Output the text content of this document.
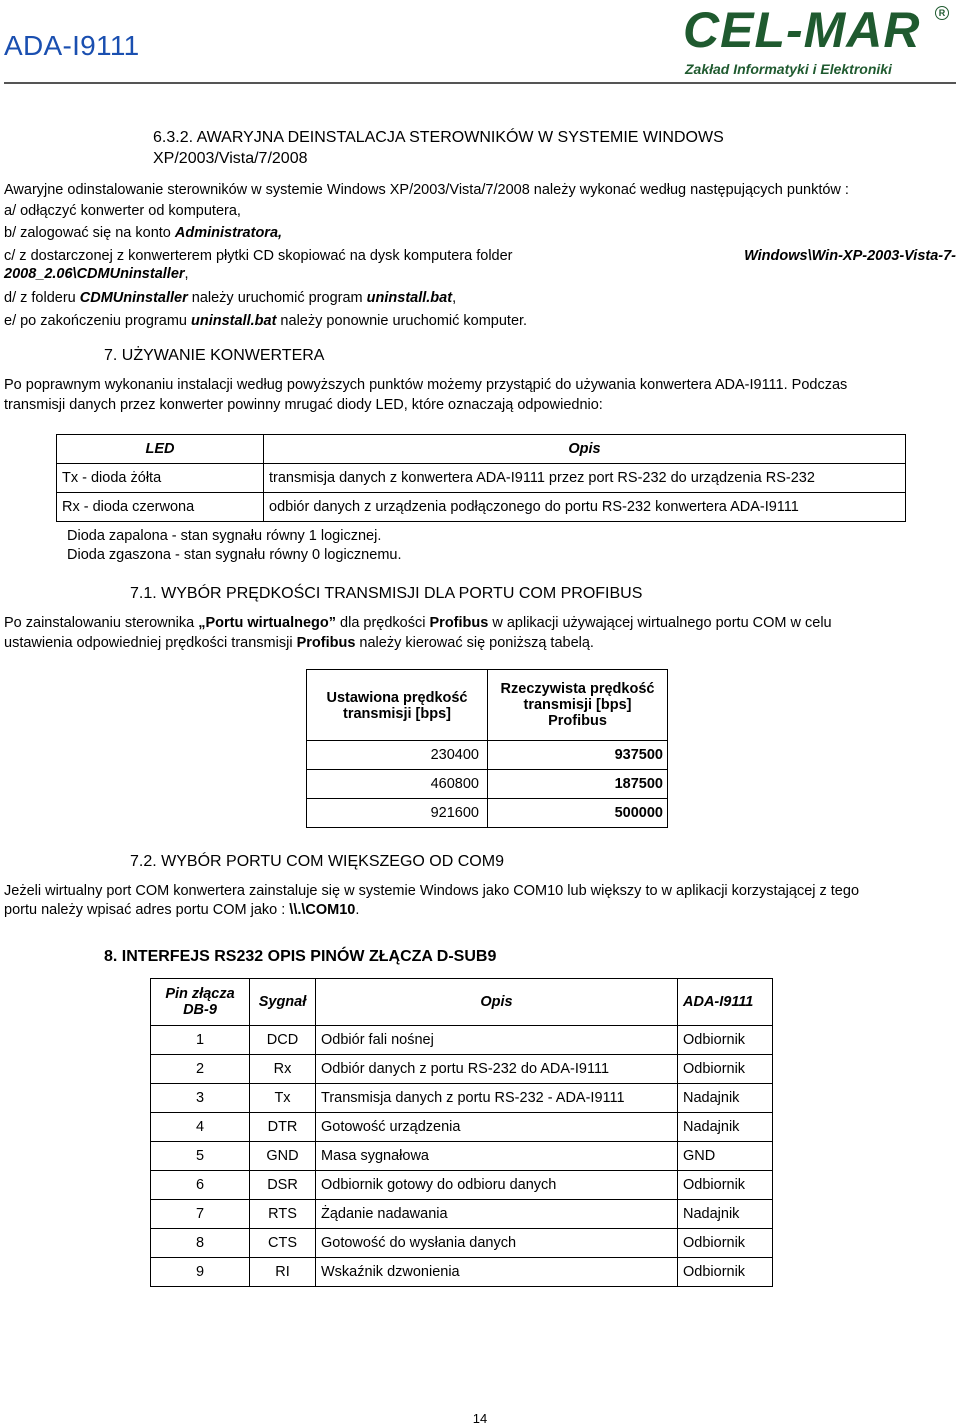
ADA-I9111	CEL-MAR	R
Zakład Informatyki i Elektroniki
6.3.2. AWARYJNA DEINSTALACJA STEROWNIKÓW W SYSTEMIE WINDOWS
XP/2003/Vista/7/2008
Awaryjne odinstalowanie sterowników w systemie Windows XP/2003/Vista/7/2008 należy wykonać według następujących punktów :
a/ odłączyć konwerter od komputera,
b/ zalogować się na konto Administratora,
c/ z dostarczonej z konwerterem płytki CD skopiować na dysk komputera folder	Windows\Win-XP-2003-Vista-7-
2008_2.06\CDMUninstaller,
d/ z folderu CDMUninstaller należy uruchomić program uninstall.bat,
e/ po zakończeniu programu uninstall.bat należy ponownie uruchomić komputer.
7. UŻYWANIE KONWERTERA
Po poprawnym wykonaniu instalacji według powyższych punktów możemy przystąpić do używania konwertera ADA-I9111. Podczas
transmisji danych przez konwerter powinny mrugać diody LED, które oznaczają odpowiednio:
LED	Opis
Tx - dioda żółta	transmisja danych z konwertera ADA-I9111 przez port RS-232 do urządzenia RS-232
Rx - dioda czerwona	odbiór danych z urządzenia podłączonego do portu RS-232 konwertera ADA-I9111
Dioda zapalona - stan sygnału równy 1 logicznej.
Dioda zgaszona - stan sygnału równy 0 logicznemu.
7.1. WYBÓR PRĘDKOŚCI TRANSMISJI DLA PORTU COM PROFIBUS
Po zainstalowaniu sterownika „Portu wirtualnego” dla prędkości Profibus w aplikacji używającej wirtualnego portu COM w celu
ustawienia odpowiedniej prędkości transmisji Profibus należy kierować się poniższą tabelą.
Ustawiona prędkość transmisji [bps]	Rzeczywista prędkość transmisji [bps] Profibus
230400	937500
460800	187500
921600	500000
7.2. WYBÓR PORTU COM WIĘKSZEGO OD COM9
Jeżeli wirtualny port COM konwertera zainstaluje się w systemie Windows jako COM10 lub większy to w aplikacji korzystającej z tego
portu należy wpisać adres portu COM jako : \\.\COM10.
8. INTERFEJS RS232 OPIS PINÓW ZŁĄCZA D-SUB9
Pin złącza DB-9	Sygnał	Opis	ADA-I9111
1	DCD	Odbiór fali nośnej	Odbiornik
2	Rx	Odbiór danych z portu RS-232 do ADA-I9111	Odbiornik
3	Tx	Transmisja danych z portu RS-232 - ADA-I9111	Nadajnik
4	DTR	Gotowość urządzenia	Nadajnik
5	GND	Masa sygnałowa	GND
6	DSR	Odbiornik gotowy do odbioru danych	Odbiornik
7	RTS	Żądanie nadawania	Nadajnik
8	CTS	Gotowość do wysłania danych	Odbiornik
9	RI	Wskaźnik dzwonienia	Odbiornik
14
